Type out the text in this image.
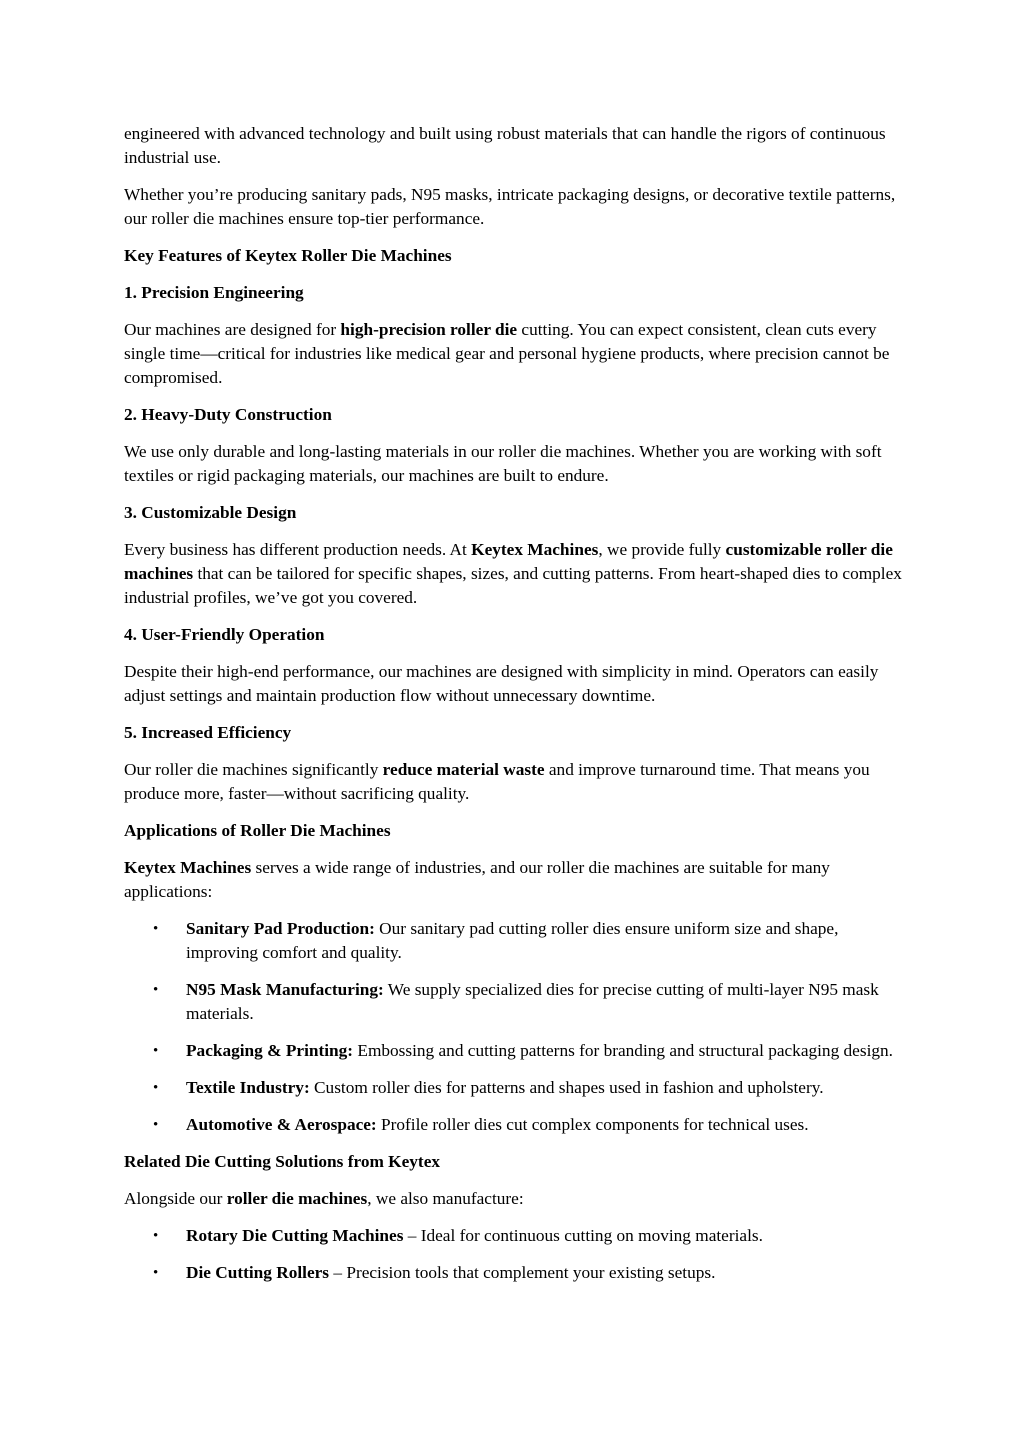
engineered with advanced technology and built using robust materials that can handle the rigors of continuous industrial use.

Whether you’re producing sanitary pads, N95 masks, intricate packaging designs, or decorative textile patterns, our roller die machines ensure top-tier performance.

Key Features of Keytex Roller Die Machines
1. Precision Engineering

Our machines are designed for high-precision roller die cutting. You can expect consistent, clean cuts every single time—critical for industries like medical gear and personal hygiene products, where precision cannot be compromised.

2. Heavy-Duty Construction

We use only durable and long-lasting materials in our roller die machines. Whether you are working with soft textiles or rigid packaging materials, our machines are built to endure.

3. Customizable Design

Every business has different production needs. At Keytex Machines, we provide fully customizable roller die machines that can be tailored for specific shapes, sizes, and cutting patterns. From heart-shaped dies to complex industrial profiles, we’ve got you covered.

4. User-Friendly Operation

Despite their high-end performance, our machines are designed with simplicity in mind. Operators can easily adjust settings and maintain production flow without unnecessary downtime.

5. Increased Efficiency

Our roller die machines significantly reduce material waste and improve turnaround time. That means you produce more, faster—without sacrificing quality.

Applications of Roller Die Machines

Keytex Machines serves a wide range of industries, and our roller die machines are suitable for many applications:

• Sanitary Pad Production: Our sanitary pad cutting roller dies ensure uniform size and shape, improving comfort and quality.
• N95 Mask Manufacturing: We supply specialized dies for precise cutting of multi-layer N95 mask materials.
• Packaging & Printing: Embossing and cutting patterns for branding and structural packaging design.
• Textile Industry: Custom roller dies for patterns and shapes used in fashion and upholstery.
• Automotive & Aerospace: Profile roller dies cut complex components for technical uses.
Related Die Cutting Solutions from Keytex

Alongside our roller die machines, we also manufacture:

• Rotary Die Cutting Machines – Ideal for continuous cutting on moving materials.
• Die Cutting Rollers – Precision tools that complement your existing setups.
